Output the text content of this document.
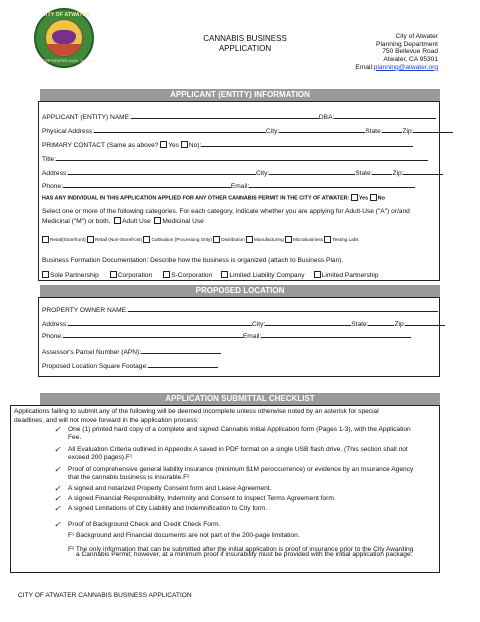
CITY OF ATWATER
INCORPORATED AUG. 16, 1922
CANNABIS BUSINESS
APPLICATION
City of Atwater
Planning Department
750 Bellevue Road
Atwater, CA 95301
Email:planning@atwater.org
APPLICANT (ENTITY) INFORMATION
APPLICANT (ENTITY) NAME:	DBA:
Physical Address:	City:	State:	Zip:
PRIMARY CONTACT (Same as above? Yes No):
Title:
Address:	City:	State:	Zip:
Phone:	Email:
HAS ANY INDIVIDUAL IN THIS APPLICATION APPLIED FOR ANY OTHER CANNABIS PERMIT IN THE CITY OF ATWATER: Yes No
Select one or more of the following categories. For each category, indicate whether you are applying for Adult-Use ("A") or/and
Medicinal ("M") or both. Adult Use Medicinal Use
Retail(Storefront) Retail (Non-Storefront) Cultivation (Processing Only) Distribution Manufacturing Microbusiness Testing Labs
Business Formation Documentation: Describe how the business is organized (attach to Business Plan).
Sole Partnership	Corporation	S-Corporation	Limited Liability Company	Limited Partnership
PROPOSED LOCATION
PROPERTY OWNER NAME:
Address:	City:	State:	Zip:
Phone:	Email:
Assessor's Parcel Number (APN):
Proposed Location Square Footage:
APPLICATION SUBMITTAL CHECKLIST
Applications failing to submit any of the following will be deemed incomplete unless otherwise noted by an asterisk for special
deadlines, and will not move forward in the application process:
✓	One (1) printed hard copy of a complete and signed Cannabis Initial Application form (Pages 1-3), with the Application
Fee.
✓	All Evaluation Criteria outlined in Appendix A saved in PDF format on a single USB flash drive. (This section shall not
exceed 200 pages).F¹
✓	Proof of comprehensive general liability insurance (minimum $1M peroccurrence) or evidence by an Insurance Agency
that the cannabis business is insurable.F²
✓	A signed and notarized Property Consent form and Lease Agreement.
✓	A signed Financial Responsibility, Indemnity and Consent to Inspect Terms Agreement form.
✓	A signed Limitations of City Liability and Indemnification to City form.
✓	Proof of Background Check and Credit Check Form.
F¹ Background and Financial documents are not part of the 200-page limitation.
F² The only information that can be submitted after the initial application is proof of insurance prior to the City Awarding
a Cannabis Permit; however, at a minimum proof if insurability must be provided with the initial application package.
CITY OF ATWATER CANNABIS BUSINESS APPLICATION
